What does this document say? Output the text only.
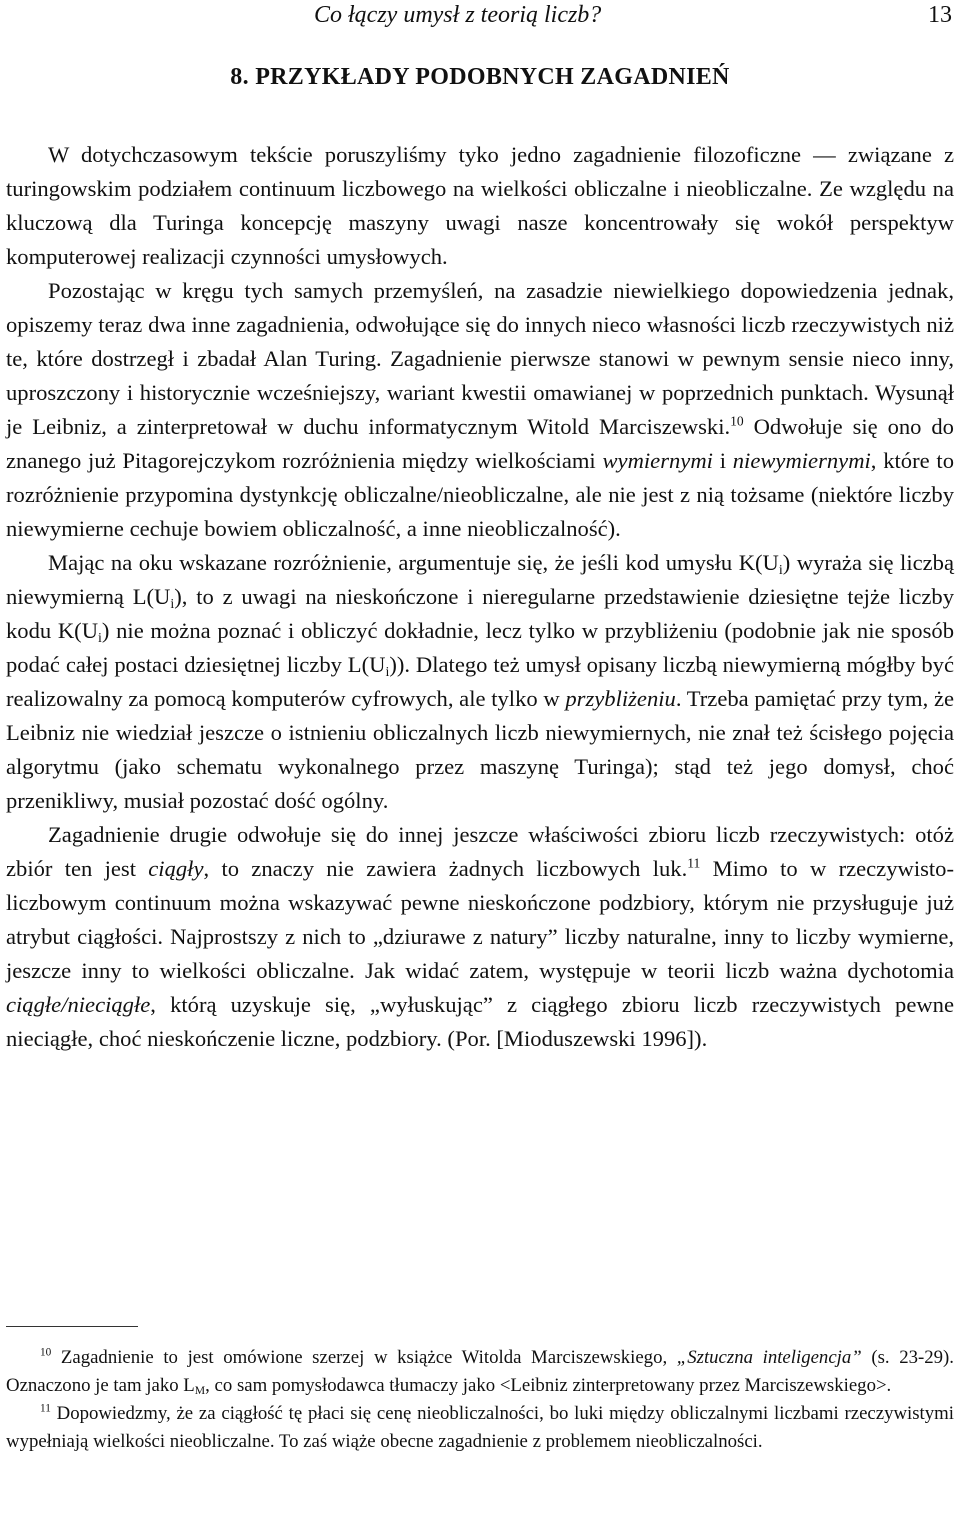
Co łączy umysł z teorią liczb?	13
8. PRZYKŁADY PODOBNYCH ZAGADNIEŃ

W dotychczasowym tekście poruszyliśmy tyko jedno zagadnienie filozoficzne — związane z turingowskim podziałem continuum liczbowego na wielkości obliczalne i nieobliczalne. Ze względu na kluczową dla Turinga koncepcję maszyny uwagi nasze koncentrowały się wokół perspektyw komputerowej realizacji czynności umysłowych.

Pozostając w kręgu tych samych przemyśleń, na zasadzie niewielkiego dopowiedzenia jednak, opiszemy teraz dwa inne zagadnienia, odwołujące się do innych nieco własności liczb rzeczywistych niż te, które dostrzegł i zbadał Alan Turing. Zagadnienie pierwsze stanowi w pewnym sensie nieco inny, uproszczony i historycznie wcześniejszy, wariant kwestii omawianej w poprzednich punktach. Wysunął je Leibniz, a zinterpretował w duchu informatycznym Witold Marciszewski.$^{10}$ Odwołuje się ono do znanego już Pitagorejczykom rozróżnienia między wielkościami wymiernymi i niewymiernymi, które to rozróżnienie przypomina dystynkcję obliczalne/nieobliczalne, ale nie jest z nią tożsame (niektóre liczby niewymierne cechuje bowiem obliczalność, a inne nieobliczalność).

Mając na oku wskazane rozróżnienie, argumentuje się, że jeśli kod umysłu $K(U_i)$ wyraża się liczbą niewymierną $L(U_i)$, to z uwagi na nieskończone i nieregularne przedstawienie dziesiętne tejże liczby kodu $K(U_i)$ nie można poznać i obliczyć dokładnie, lecz tylko w przybliżeniu (podobnie jak nie sposób podać całej postaci dziesiętnej liczby $L(U_i)$). Dlatego też umysł opisany liczbą niewymierną mógłby być realizowalny za pomocą komputerów cyfrowych, ale tylko w przybliżeniu. Trzeba pamiętać przy tym, że Leibniz nie wiedział jeszcze o istnieniu obliczalnych liczb niewymiernych, nie znał też ścisłego pojęcia algorytmu (jako schematu wykonalnego przez maszynę Turinga); stąd też jego domysł, choć przenikliwy, musiał pozostać dość ogólny.

Zagadnienie drugie odwołuje się do innej jeszcze właściwości zbioru liczb rzeczywistych: otóż zbiór ten jest ciągły, to znaczy nie zawiera żadnych liczbowych luk.$^{11}$ Mimo to w rzeczywisto-liczbowym continuum można wskazywać pewne nieskończone podzbiory, którym nie przysługuje już atrybut ciągłości. Najprostszy z nich to „dziurawe z natury” liczby naturalne, inny to liczby wymierne, jeszcze inny to wielkości obliczalne. Jak widać zatem, występuje w teorii liczb ważna dychotomia ciągłe/nieciągłe, którą uzyskuje się, „wyłuskując” z ciągłego zbioru liczb rzeczywistych pewne nieciągłe, choć nieskończenie liczne, podzbiory. (Por. [Mioduszewski 1996]).

$^{10}$ Zagadnienie to jest omówione szerzej w książce Witolda Marciszewskiego, „Sztuczna inteligencja” (s. 23-29). Oznaczono je tam jako $L_M$, co sam pomysłodawca tłumaczy jako <Leibniz zinterpretowany przez Marciszewskiego>.

$^{11}$ Dopowiedzmy, że za ciągłość tę płaci się cenę nieobliczalności, bo luki między obliczalnymi liczbami rzeczywistymi wypełniają wielkości nieobliczalne. To zaś wiąże obecne zagadnienie z problemem nieobliczalności.
